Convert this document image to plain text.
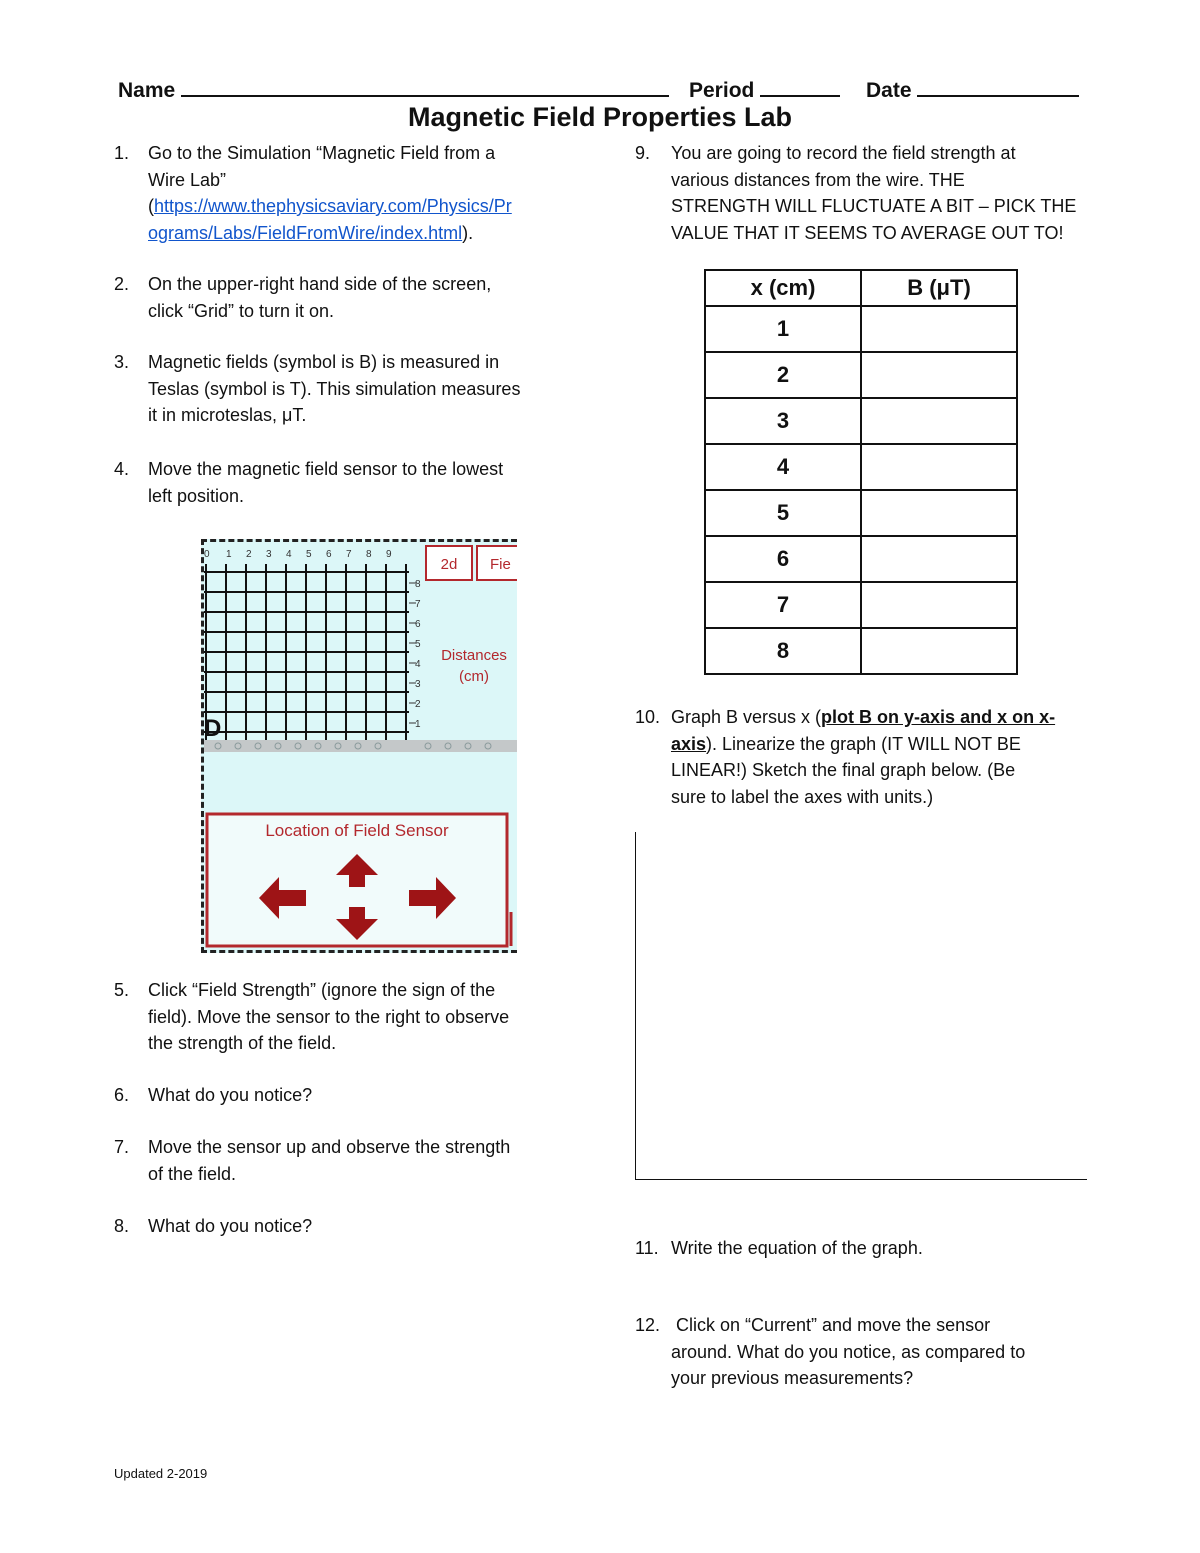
Name	Period	Date
Magnetic Field Properties Lab
1. Go to the Simulation “Magnetic Field from a
Wire Lab”
(https://www.thephysicsaviary.com/Physics/Pr
ograms/Labs/FieldFromWire/index.html).
2. On the upper-right hand side of the screen,
click “Grid” to turn it on.
3. Magnetic fields (symbol is B) is measured in
Teslas (symbol is T). This simulation measures
it in microteslas, μT.
4. Move the magnetic field sensor to the lowest
left position.
0 1 2 3 4 5 6 7 8 9
8
7
6
5
4
3
2
1
D
2d Fie
Distances
(cm)
Location of Field Sensor
5. Click “Field Strength” (ignore the sign of the
field). Move the sensor to the right to observe
the strength of the field.
6. What do you notice?
7. Move the sensor up and observe the strength
of the field.
8. What do you notice?
9. You are going to record the field strength at
various distances from the wire. THE
STRENGTH WILL FLUCTUATE A BIT – PICK THE
VALUE THAT IT SEEMS TO AVERAGE OUT TO!
x (cm)	B (μT)
1	
2	
3	
4	
5	
6	
7	
8	
10. Graph B versus x (plot B on y-axis and x on x-
axis). Linearize the graph (IT WILL NOT BE
LINEAR!) Sketch the final graph below. (Be
sure to label the axes with units.)
11. Write the equation of the graph.
12. Click on “Current” and move the sensor
around. What do you notice, as compared to
your previous measurements?
Updated 2-2019
